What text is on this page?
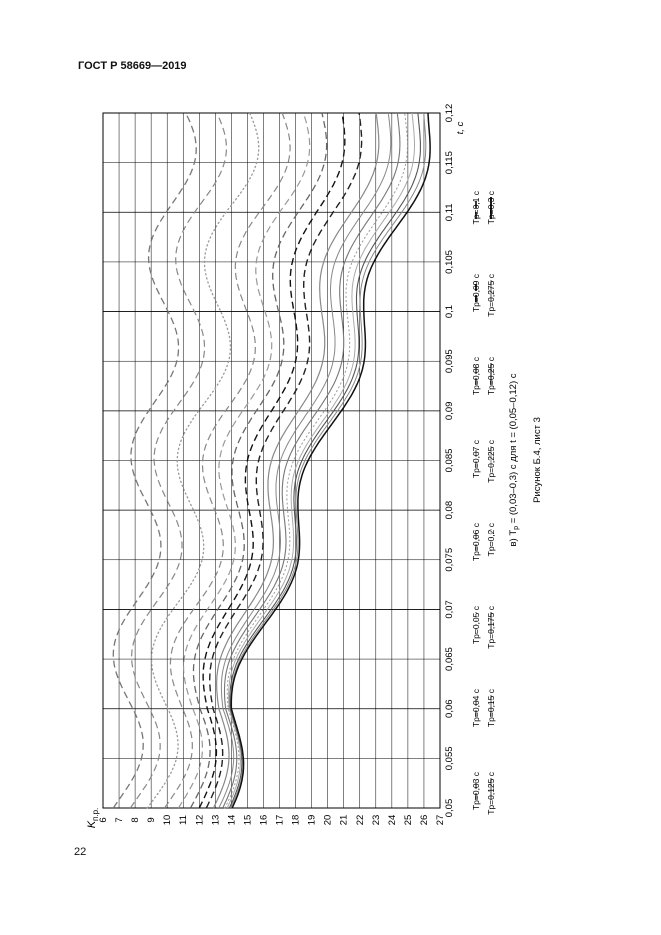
ГОСТ Р 58669—2019
0,05
0,055
0,06
0,065
0,07
0,075
0,08
0,085
0,09
0,095
0,1
0,105
0,11
0,115
0,12
6 7 8 9 10 11 12 13 14 15 16 17 18 19 20 21 22 23 24 25 26 27
t, с
$K_{п.р.}$
Tр=0,03 с
Tр=0,04 с
Tр=0,05 с
Tр=0,06 с
Tр=0,07 с
Tр=0,08 с
Tр=0,09 с
Tр=0,1 с
Tр=0,125 с
Tр=0,15 с
Tр=0,175 с
Tр=0,2 с
Tр=0,225 с
Tр=0,25 с
Tр=0,275 с
Tр=0,3 с
в) $T_р = (0,03-0,3)$ с для t = (0,05–0,12) с Рисунок Б.4, лист 3
22
